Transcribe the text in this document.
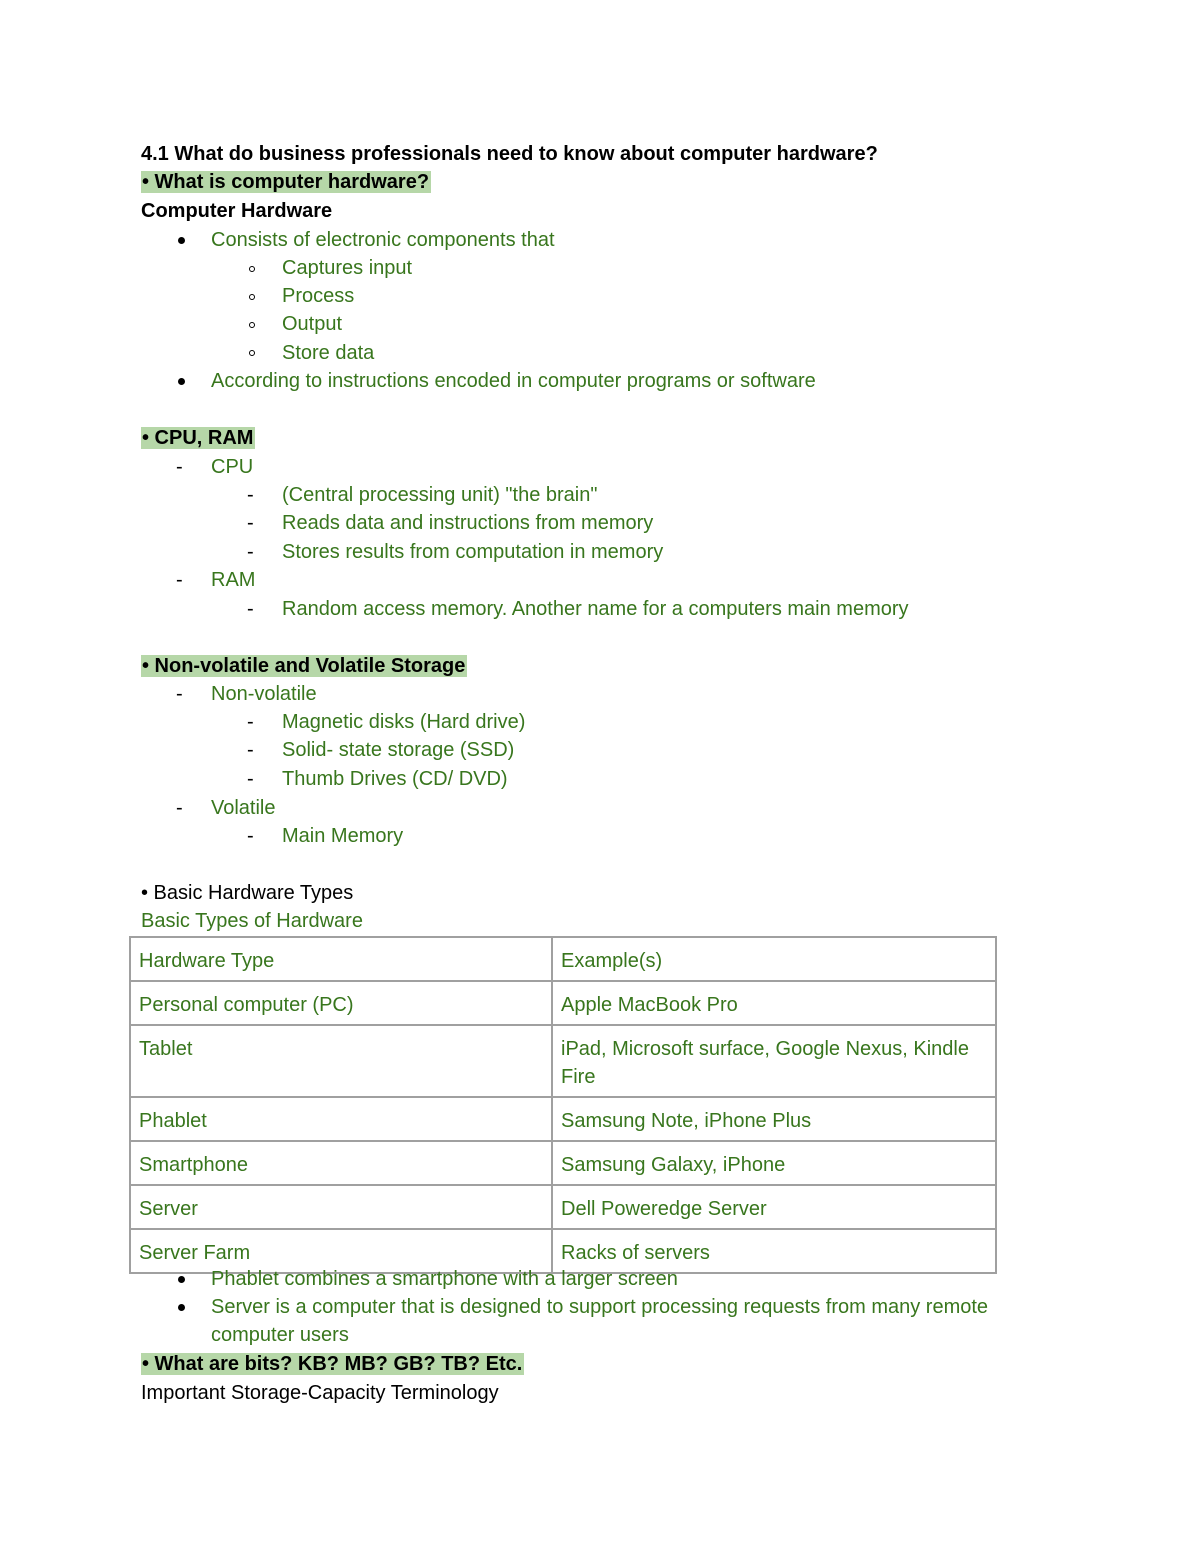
4.1 What do business professionals need to know about computer hardware?
• What is computer hardware?
Computer Hardware
Consists of electronic components that
Captures input
Process
Output
Store data
According to instructions encoded in computer programs or software
• CPU, RAM
- CPU
- (Central processing unit) "the brain"
- Reads data and instructions from memory
- Stores results from computation in memory
- RAM
- Random access memory. Another name for a computers main memory
• Non-volatile and Volatile Storage
- Non-volatile
- Magnetic disks (Hard drive)
- Solid- state storage (SSD)
- Thumb Drives (CD/ DVD)
- Volatile
- Main Memory
• Basic Hardware Types
Basic Types of Hardware
Hardware Type	Example(s)
Personal computer (PC)	Apple MacBook Pro
Tablet	iPad, Microsoft surface, Google Nexus, Kindle Fire
Phablet	Samsung Note, iPhone Plus
Smartphone	Samsung Galaxy, iPhone
Server	Dell Poweredge Server
Server Farm	Racks of servers
Phablet combines a smartphone with a larger screen
Server is a computer that is designed to support processing requests from many remote
computer users
• What are bits? KB? MB? GB? TB? Etc.
Important Storage-Capacity Terminology
